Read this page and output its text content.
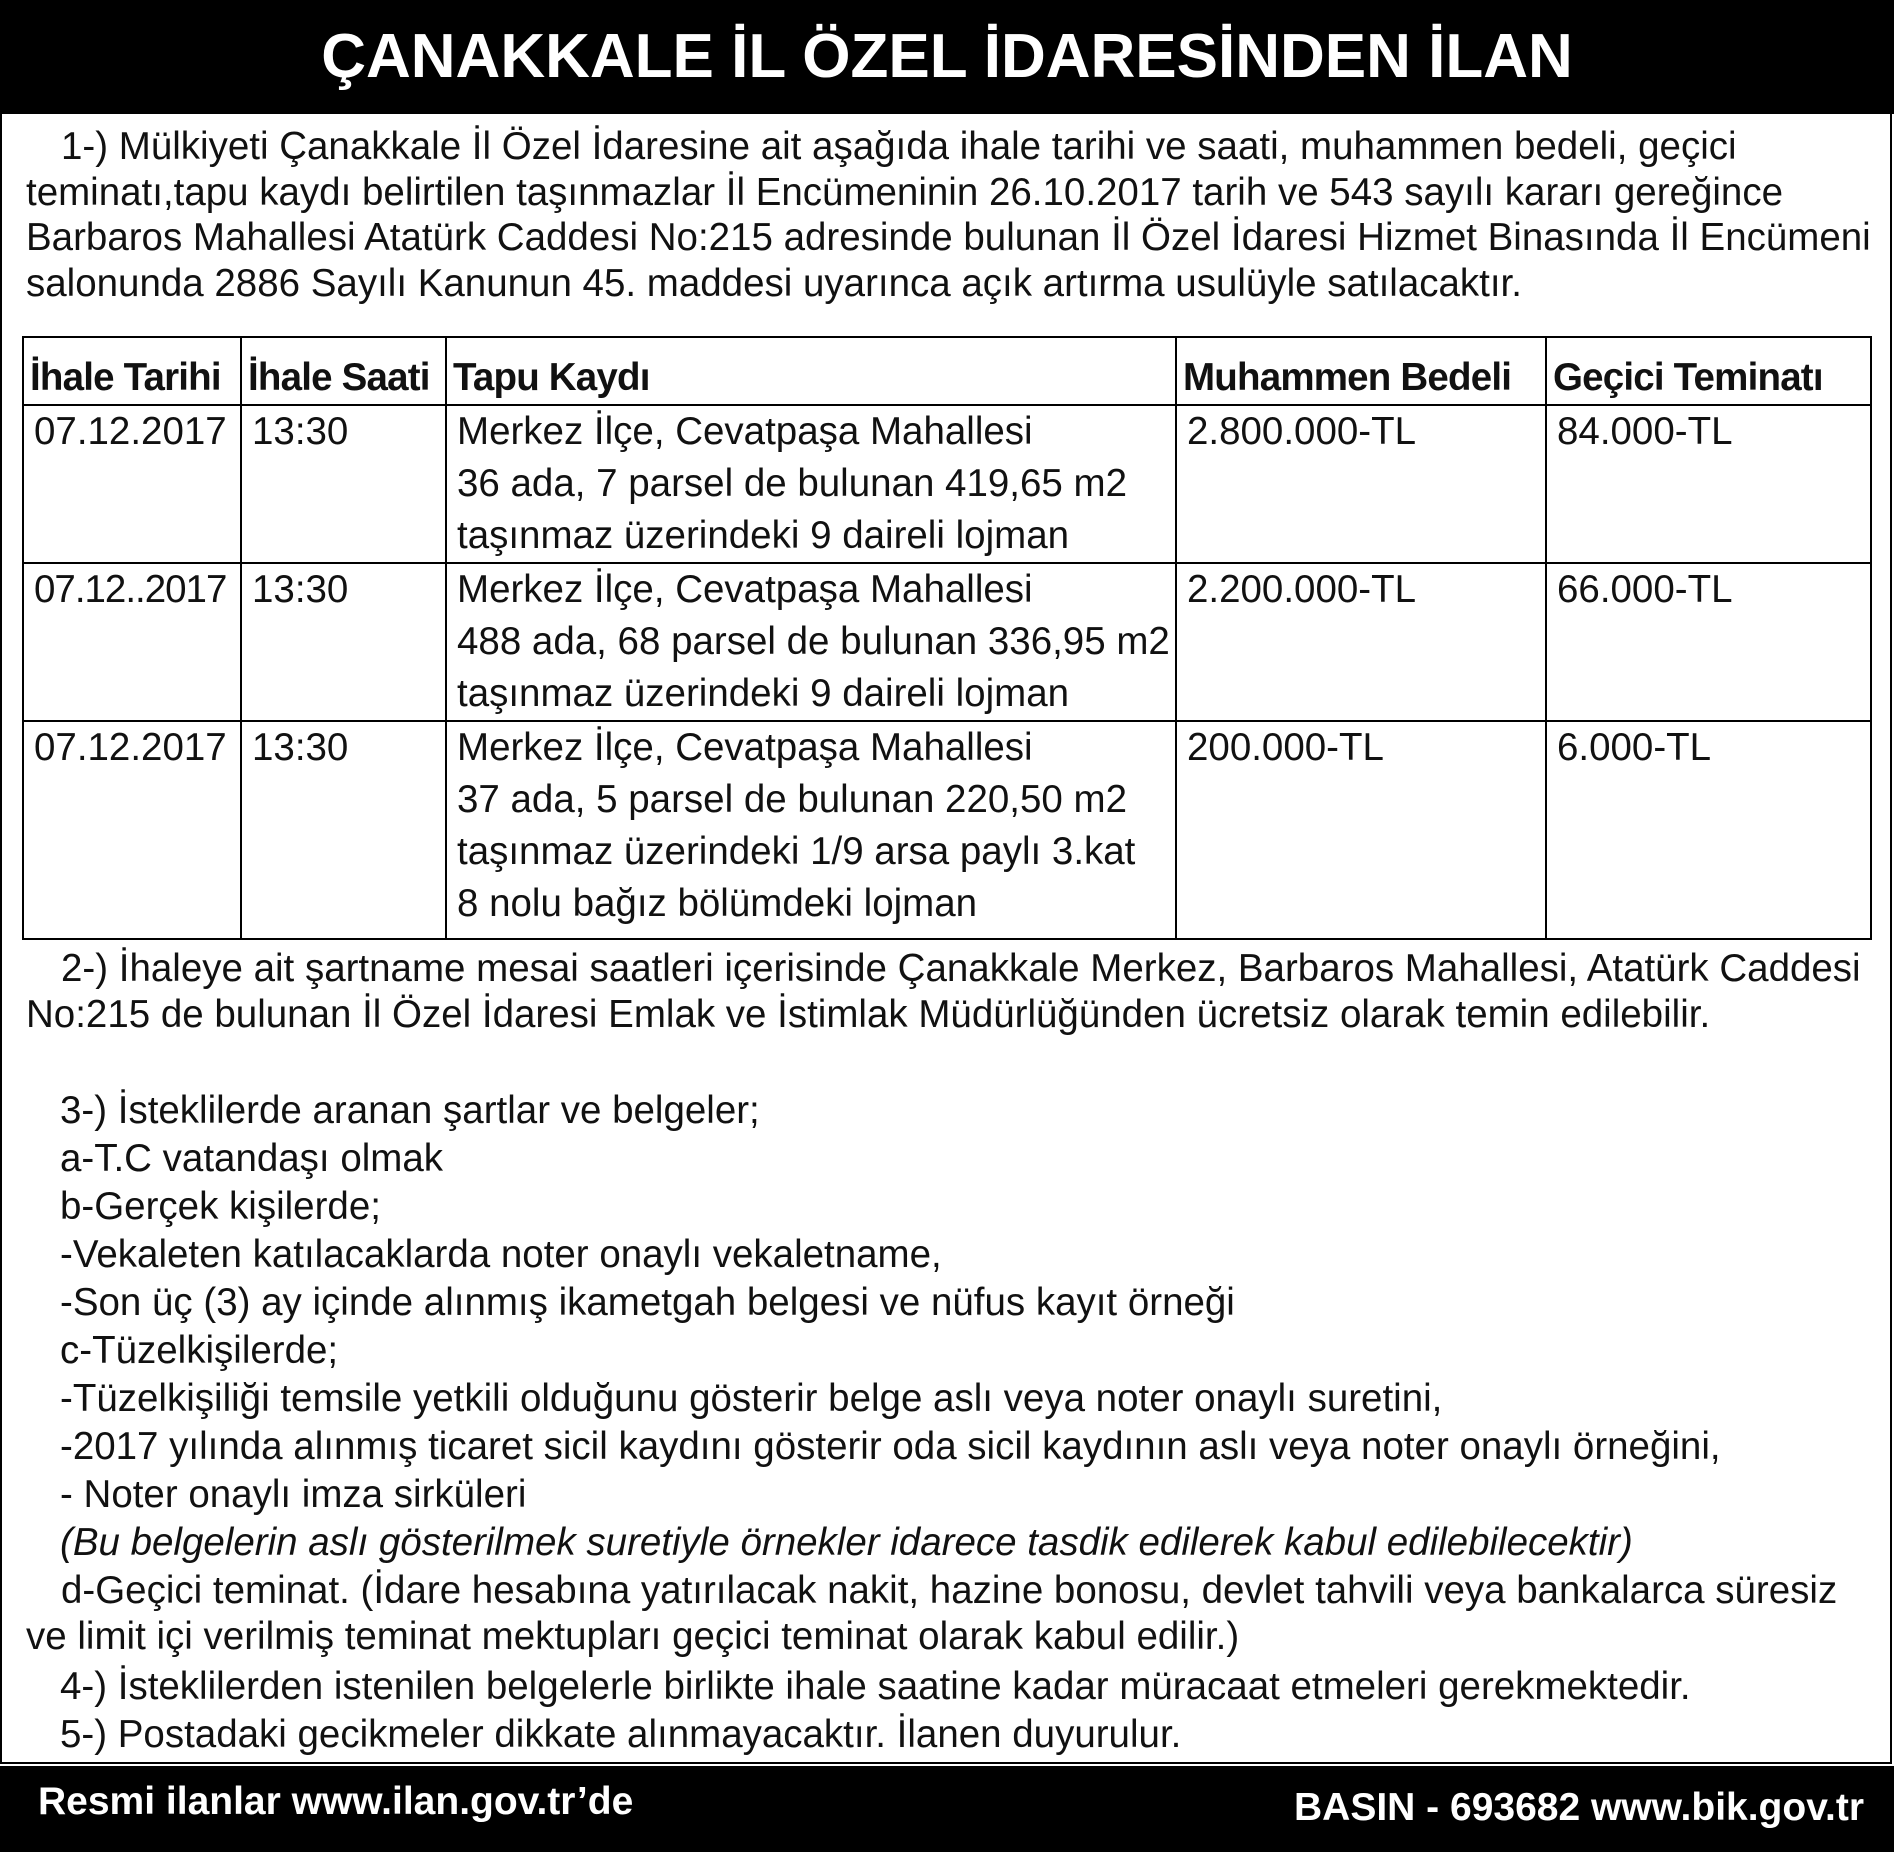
ÇANAKKALE İL ÖZEL İDARESİNDEN İLAN

1-) Mülkiyeti Çanakkale İl Özel İdaresine ait aşağıda ihale tarihi ve saati, muhammen bedeli, geçici teminatı,tapu kaydı belirtilen taşınmazlar İl Encümeninin 26.10.2017 tarih ve 543 sayılı kararı gereğince Barbaros Mahallesi Atatürk Caddesi No:215 adresinde bulunan İl Özel İdaresi Hizmet Binasında İl Encümeni salonunda 2886 Sayılı Kanunun 45. maddesi uyarınca açık artırma usulüyle satılacaktır.

İhale Tarihi	İhale Saati	Tapu Kaydı	Muhammen Bedeli	Geçici Teminatı
07.12.2017	13:30	Merkez İlçe, Cevatpaşa Mahallesi
36 ada, 7 parsel de bulunan 419,65 m2
taşınmaz üzerindeki 9 daireli lojman	2.800.000-TL	84.000-TL
07.12..2017	13:30	Merkez İlçe, Cevatpaşa Mahallesi
488 ada, 68 parsel de bulunan 336,95 m2
taşınmaz üzerindeki 9 daireli lojman	2.200.000-TL	66.000-TL
07.12.2017	13:30	Merkez İlçe, Cevatpaşa Mahallesi
37 ada, 5 parsel de bulunan 220,50 m2
taşınmaz üzerindeki 1/9 arsa paylı 3.kat
8 nolu bağız bölümdeki lojman	200.000-TL	6.000-TL

2-) İhaleye ait şartname mesai saatleri içerisinde Çanakkale Merkez, Barbaros Mahallesi, Atatürk Caddesi No:215 de bulunan İl Özel İdaresi Emlak ve İstimlak Müdürlüğünden ücretsiz olarak temin edilebilir.

3-) İsteklilerde aranan şartlar ve belgeler;
a-T.C vatandaşı olmak
b-Gerçek kişilerde;
-Vekaleten katılacaklarda noter onaylı vekaletname,
-Son üç (3) ay içinde alınmış ikametgah belgesi ve nüfus kayıt örneği
c-Tüzelkişilerde;
-Tüzelkişiliği temsile yetkili olduğunu gösterir belge aslı veya noter onaylı suretini,
-2017 yılında alınmış ticaret sicil kaydını gösterir oda sicil kaydının aslı veya noter onaylı örneğini,
- Noter onaylı imza sirküleri
(Bu belgelerin aslı gösterilmek suretiyle örnekler idarece tasdik edilerek kabul edilebilecektir)

d-Geçici teminat. (İdare hesabına yatırılacak nakit, hazine bonosu, devlet tahvili veya bankalarca süresiz ve limit içi verilmiş teminat mektupları geçici teminat olarak kabul edilir.)

4-) İsteklilerden istenilen belgelerle birlikte ihale saatine kadar müracaat etmeleri gerekmektedir.
5-) Postadaki gecikmeler dikkate alınmayacaktır. İlanen duyurulur.
Resmi ilanlar www.ilan.gov.tr’de	BASIN - 693682 www.bik.gov.tr
